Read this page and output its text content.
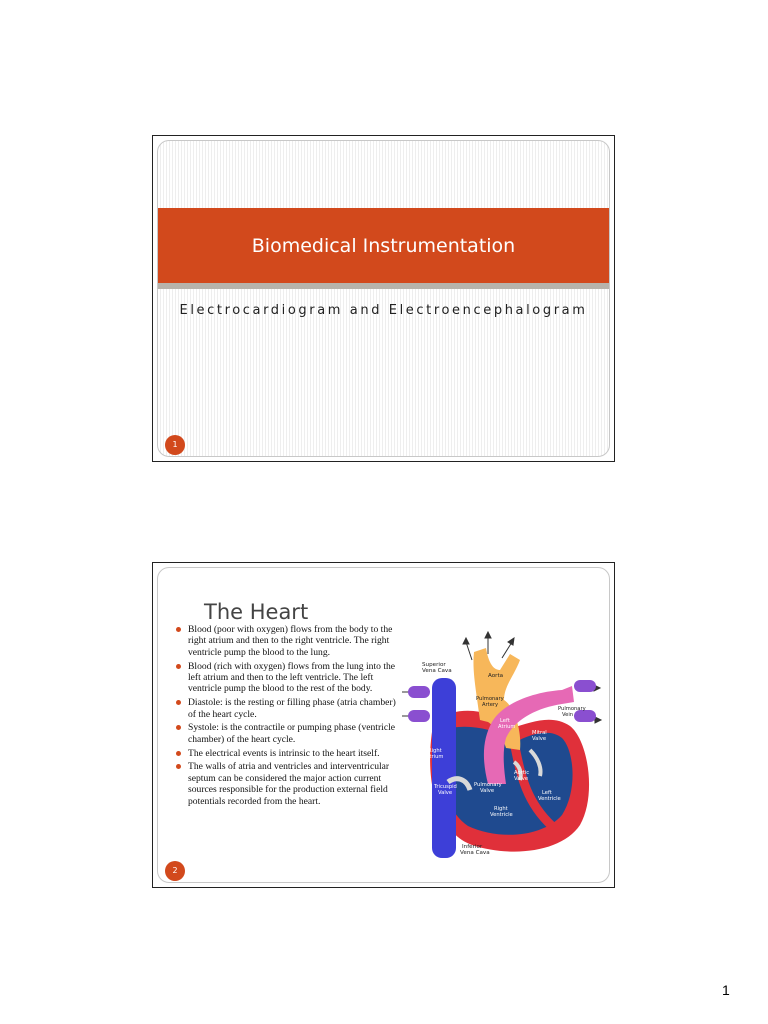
Biomedical Instrumentation
Electrocardiogram and Electroencephalogram
1
The Heart
Blood (poor with oxygen) flows from the body to the right atrium and then to the right ventricle. The right ventricle pump the blood to the lung.
Blood (rich with oxygen) flows from the lung into the left atrium and then to the left ventricle. The left ventricle pump the blood to the rest of the body.
Diastole: is the resting or filling phase (atria chamber) of the heart cycle.
Systole: is the contractile or pumping phase (ventricle chamber) of the heart cycle.
The electrical events is intrinsic to the heart itself.
The walls of atria and ventricles and interventricular septum can be considered the major action current sources responsible for the production external field potentials recorded from the heart.
Superior
Vena Cava
Aorta
Pulmonary
Artery
Pulmonary
Vein
Left
Atrium
Mitral
Valve
Right
Atrium
Aortic
Valve
Left
Ventricle
Tricuspid
Valve
Pulmonary
Valve
Right
Ventricle
Inferior
Vena Cava
2
1
